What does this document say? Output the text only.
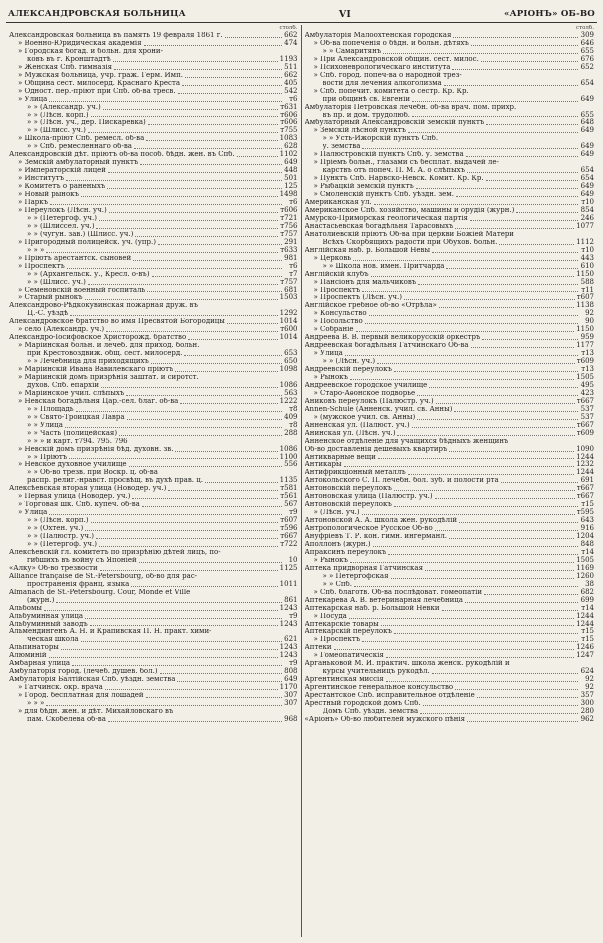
АЛЕКСАНДРОВСКАЯ БОЛЬНИЦА	VI	«АРІОНЪ» ОБ-ВО
столб.
Александровская больница въ память 19 февраля 1861 г.	662
» Военно-Юридическая академія	474
» Городская богад. и больн. для хрони-
ковъ въ г. Кронштадтѣ	1193
» Женская Спб. гимназія	511
» Мужская больница, учр. граж. Герм. Имп.	662
» Община сест. милосерд. Краснаго Креста	405
» Одност. пер.-пріют при Спб. об-ва тресв.	542
» Улица	т6
» » (Александр. уч.)	т631
» » (Лѣсн. корп.)	т606
» » (Лѣсн. уч., дер. Пискаревка)	т606
» » (Шлисс. уч.)	т755
» Школа-пріют Спб. ремесл. об-ва	1083
» » Спб. ремесленнаго об-ва	628
Александровскій дѣт. пріютъ об-ва пособ. бѣдн. жен. въ Спб.	1102
» Земскій амбулаторный пунктъ	649
» Императорскій лицей	448
» Институтъ	501
» Комитетъ о раненыхъ	125
» Новый рынокъ	1498
» Паркъ	т6
» Переулокъ (Лѣсн. уч.)	т606
» » (Петергоф. уч.)	т721
» » (Шлиссел. уч.)	т756
» » (чугун. зав.) (Шлисс. уч.)	т757
» Пригородный полицейск. уч. (упр.)	291
» » »	т633
» Пріютъ арестантск. сыновей	981
» Проспектъ	т6
» » (Архангельск. у., Кресл. о-въ)	т7
» » (Шлисс. уч.)	т757
» Семеновскій военный госпиталь	681
» Старый рынокъ	1503
Александрово-Рѣдкокувинская пожарная друж. въ
Ц.-С. уѣздѣ	1292
Александровское братство во имя Пресвятой Богородицы	1014
» село (Александр. уч.)	т600
Александро-Іосифовское Христорожд. братство	1014
» Маріинская больн. и лечеб. для приход. больн.
при Крестовоздвиж. общ. сест. милосерд.	653
» » Лечебница для приходящихъ	650
» Маріинскій Ивана Вавилевскаго пріютъ	1098
» Маріинскій домъ призрѣнія заштат. и сиротст.
духов. Спб. епархіи	1086
» Маріинское учил. слѣпыхъ	563
» Невская богадѣльня Цар.-сел. благ. об-ва	1222
» » Площадь	т8
» » Свято-Троицкая Лавра	409
» » Улица	т8
» » Часть (полицейская)	288
» » » и карт. т794. 795. 796
» Невскій домъ призрѣнія бѣд. духовн. зв.	1086
» » Пріютъ	1100
» Невское духовное училище	556
» » Об-во трезв. при Воскр. ц. об-ва
распр. религ.-нравст. просвѣщ. въ духѣ прав. ц.	1135
Алексѣевская вторая улица (Новодер. уч.)	т581
» Первая улица (Новодер. уч.)	т561
» Торговая шк. Спб. купеч. об-ва	567
» Улица	т9
» » (Лѣсн. корп.)	т607
» » (Охтен. уч.)	т596
» » (Палюстр. уч.)	т667
» » (Петергоф. уч.)	т722
Алексѣевскій гл. комитетъ по призрѣнію дѣтей лицъ, по-
гибшихъ въ войну съ Японіей	10
«Алку» Об-во трезвости	1125
Alliance française de St.-Petersbourg, об-во для рас-
пространенія франц. языка	1011
Almanach de St.-Petersbourg. Cour, Monde et Ville
(журн.)	861
Альбомы	1243
Альбуминная улица	т9
Альбуминный заводъ	1243
Альмендингенъ А. Н. и Крапивская П. Н. практ. хими-
ческая школа	621
Альпинаторы	1243
Алюминій	1243
Амбарная улица	т9
Амбулаторія город. (лечеб. душев. бол.)	808
Амбулаторія Балтійская Спб. уѣздн. земства	649
» Гатчинск. окр. врача	1170
» Город. бесплатная для лошадей	307
» » »	307
» для бѣдн. жен. и дѣт. Михайловскаго въ
пам. Скобелева об-ва	968
столб.
Амбулаторія Малоохтенская городская	309
» Об-ва попеченія о бѣдн. и больн. дѣтяхъ	646
» » Самаритянъ	655
» При Александровской общин. сест. милос.	676
» Психоневрологическаго института	652
» Спб. город. попеч-ва о народной трез-
вости для лечения алкоголизма	654
» Спб. попечит. комитета о сестр. Кр. Кр.
при общинѣ св. Евгеніи	649
Амбулаторія Петровская лечебн. об-ва врач. пом. прихр.
въ пр. и дом. трудолюб.	655
Амбулаторный Александровскій земскій пунктъ	648
» Земскій лѣсной пунктъ	649
» » Усть-Ижорскій пунктъ Спб.
у. земства	649
» Палюстровскій пунктъ Спб. у. земства	649
» Пріемъ больн., глазами съ бесплат. выдачей ле-
карствъ отъ попеч. П. М. А. о слѣпыхъ	654
» Пунктъ Спб. Нарвско-Невск. Комит. Кр. Кр.	654
» Рыбацкій земскій пунктъ	649
» Смоленскій пунктъ Спб. уѣздн. зем.	649
Американская ул.	т10
Американское Спб. хозяйство, машины и орудія (журн.)	854
Амурско-Приморская геологическая партія	246
Анастасьевская богадѣльня Тарасовыхъ	1077
Анатолиевскій пріютъ Об-ва при церкви Божіей Матери
Всѣхъ Скорбящихъ радости при Обухов. больн.	1112
Англійская наб. р. Большой Невы	т10
» Церковь	443
» » Школа нов. имен. Притчарда	610
Англійскій клубъ	1150
» Пансіонъ для мальчиковъ	588
» Проспектъ	т11
» Проспектъ (Лѣсн. уч.)	т607
Англійское гребное об-во «Отрѣла»	1138
» Консульство	92
» Посольство	90
» Собраніе	1150
Андреева В. В. первый великорусскій оркестръ	959
Андреевская богадѣльня Гатчинскаго Об-ва	1177
» Улица	т13
» » (Лѣсн. уч.)	т609
Андреевскій переулокъ	т13
» Рынокъ	1505
Андреевское городское училище	495
» Старо-Аѳонское подворье	423
Аниковъ переулокъ (Палюстр. уч.)	т667
Annen-Schule (Анненск. учил. св. Анны)	537
» (мужское учил. св. Анны)	537
Анненская ул. (Палюст. уч.)	т667
Анинская ул. (Лѣсн. уч.)	т609
Анненское отдѣленіе для учащихся бѣдныхъ женщинъ
Об-во доставленія дешевыхъ квартиръ	1090
Антикварные вещи	1244
Антикары	1232
Антифрикціонный металлъ	1244
Антокольского С. П. лечебн. бол. зуб. и полости рта	691
Антоновскій переулокъ	т667
Антоновская улица (Палюстр. уч.)	т667
Антоновскій переулокъ	т15
» (Лѣсн. уч.)	т595
Антоновской А. А. школа жен. рукодѣлій	643
Антропологическое Русское Об-во	916
Ануфріевъ Т. Р. кон. гимн. ингерманл.	1204
Аполлонъ (журн.)	848
Апраксинъ переулокъ	т14
» Рынокъ	1505
Аптека придворная Гатчинская	1169
» » Петергофская	1260
» » Спб.	38
» Спб. благотв. Об-ва послѣдоват. гомеопатіи	682
Аптекарева А. В. ветеринарная лечебница	699
Аптекарская наб. р. Большой Невки	т14
» Посуда	1244
Аптекарскіе товары	1244
Аптекарскій переулокъ	т15
» Проспектъ	т15
Аптеки	1246
» Гомеопатическія	1247
Арганьковой М. И. практич. школа женск. рукодѣлій и
курсы учительницъ рукодѣл.	624
Аргентинская миссія	92
Аргентинское генеральное консульство	92
Арестантское Спб. исправительное отдѣленіе	357
Арестный городской домъ Спб.	300
Домъ Спб. уѣздн. земства	280
«Аріонъ» Об-во любителей мужского пѣнія	962
